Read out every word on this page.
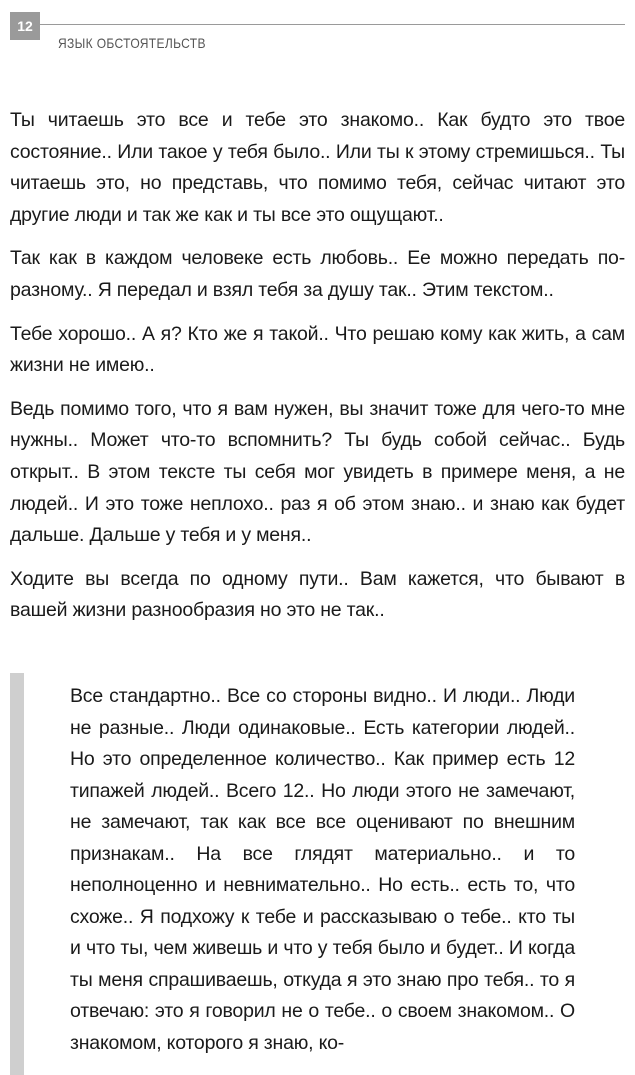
12
ЯЗЫК ОБСТОЯТЕЛЬСТВ

Ты читаешь это все и тебе это знакомо.. Как будто это твое состояние.. Или такое у тебя было.. Или ты к этому стремишься.. Ты читаешь это, но представь, что помимо тебя, сейчас читают это другие люди и так же как и ты все это ощущают..

Так как в каждом человеке есть любовь.. Ее можно передать по-разному.. Я передал и взял тебя за душу так.. Этим текстом..

Тебе хорошо.. А я? Кто же я такой.. Что решаю кому как жить, а сам жизни не имею..

Ведь помимо того, что я вам нужен, вы значит тоже для чего-то мне нужны.. Может что-то вспомнить? Ты будь собой сейчас.. Будь открыт.. В этом тексте ты себя мог увидеть в примере меня, а не людей.. И это тоже неплохо.. раз я об этом знаю.. и знаю как будет дальше. Дальше у тебя и у меня..

Ходите вы всегда по одному пути.. Вам кажется, что бывают в вашей жизни разнообразия но это не так..

Все стандартно.. Все со стороны видно.. И люди.. Люди не разные.. Люди одинаковые.. Есть категории людей.. Но это определенное количество.. Как пример есть 12 типажей людей.. Всего 12.. Но люди этого не замечают, не замечают, так как все все оценивают по внешним признакам.. На все глядят материально.. и то неполноценно и невнимательно.. Но есть.. есть то, что схоже.. Я подхожу к тебе и рассказываю о тебе.. кто ты и что ты, чем живешь и что у тебя было и будет.. И когда ты меня спрашиваешь, откуда я это знаю про тебя.. то я отвечаю: это я говорил не о тебе.. о своем знакомом.. О знакомом, которого я знаю, ко-
